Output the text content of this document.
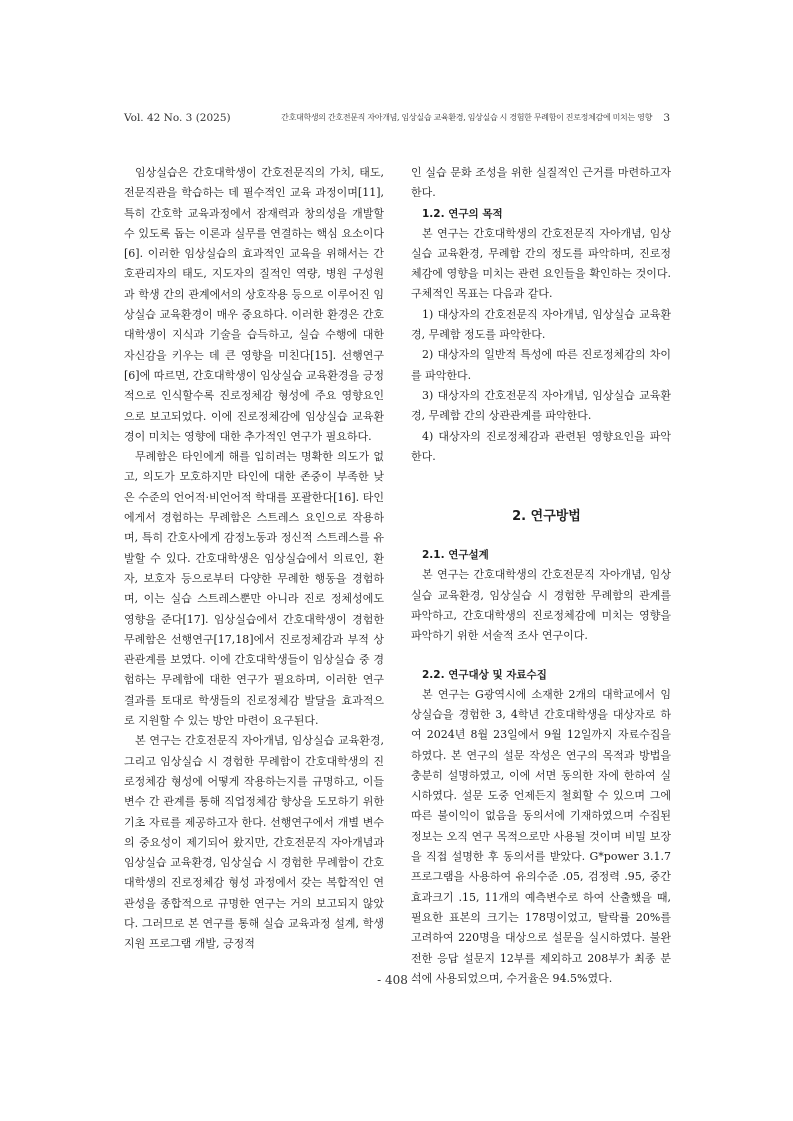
Vol. 42 No. 3 (2025)	간호대학생의 간호전문직 자아개념, 임상실습 교육환경, 임상실습 시 경험한 무례함이 진로정체감에 미치는 영향 3

임상실습은 간호대학생이 간호전문직의 가치, 태도, 전문직관을 학습하는 데 필수적인 교육 과정이며[11], 특히 간호학 교육과정에서 잠재력과 창의성을 개발할 수 있도록 돕는 이론과 실무를 연결하는 핵심 요소이다[6]. 이러한 임상실습의 효과적인 교육을 위해서는 간호관리자의 태도, 지도자의 질적인 역량, 병원 구성원과 학생 간의 관계에서의 상호작용 등으로 이루어진 임상실습 교육환경이 매우 중요하다. 이러한 환경은 간호대학생이 지식과 기술을 습득하고, 실습 수행에 대한 자신감을 키우는 데 큰 영향을 미친다[15]. 선행연구[6]에 따르면, 간호대학생이 임상실습 교육환경을 긍정적으로 인식할수록 진로정체감 형성에 주요 영향요인으로 보고되었다. 이에 진로정체감에 임상실습 교육환경이 미치는 영향에 대한 추가적인 연구가 필요하다.

무례함은 타인에게 해를 입히려는 명확한 의도가 없고, 의도가 모호하지만 타인에 대한 존중이 부족한 낮은 수준의 언어적·비언어적 학대를 포괄한다[16]. 타인에게서 경험하는 무례함은 스트레스 요인으로 작용하며, 특히 간호사에게 감정노동과 정신적 스트레스를 유발할 수 있다. 간호대학생은 임상실습에서 의료인, 환자, 보호자 등으로부터 다양한 무례한 행동을 경험하며, 이는 실습 스트레스뿐만 아니라 진로 정체성에도 영향을 준다[17]. 임상실습에서 간호대학생이 경험한 무례함은 선행연구[17,18]에서 진로정체감과 부적 상관관계를 보였다. 이에 간호대학생들이 임상실습 중 경험하는 무례함에 대한 연구가 필요하며, 이러한 연구 결과를 토대로 학생들의 진로정체감 발달을 효과적으로 지원할 수 있는 방안 마련이 요구된다.

본 연구는 간호전문직 자아개념, 임상실습 교육환경, 그리고 임상실습 시 경험한 무례함이 간호대학생의 진로정체감 형성에 어떻게 작용하는지를 규명하고, 이들 변수 간 관계를 통해 직업정체감 향상을 도모하기 위한 기초 자료를 제공하고자 한다. 선행연구에서 개별 변수의 중요성이 제기되어 왔지만, 간호전문직 자아개념과 임상실습 교육환경, 임상실습 시 경험한 무례함이 간호대학생의 진로정체감 형성 과정에서 갖는 복합적인 연관성을 종합적으로 규명한 연구는 거의 보고되지 않았다. 그러므로 본 연구를 통해 실습 교육과정 설계, 학생 지원 프로그램 개발, 긍정적

인 실습 문화 조성을 위한 실질적인 근거를 마련하고자 한다.

1.2. 연구의 목적

본 연구는 간호대학생의 간호전문직 자아개념, 임상실습 교육환경, 무례함 간의 정도를 파악하며, 진로정체감에 영향을 미치는 관련 요인들을 확인하는 것이다. 구체적인 목표는 다음과 같다.

1) 대상자의 간호전문직 자아개념, 임상실습 교육환경, 무례함 정도를 파악한다.

2) 대상자의 일반적 특성에 따른 진로정체감의 차이를 파악한다.

3) 대상자의 간호전문직 자아개념, 임상실습 교육환경, 무례함 간의 상관관계를 파악한다.

4) 대상자의 진로정체감과 관련된 영향요인을 파악한다.

2. 연구방법

2.1. 연구설계

본 연구는 간호대학생의 간호전문직 자아개념, 임상실습 교육환경, 임상실습 시 경험한 무례함의 관계를 파악하고, 간호대학생의 진로정체감에 미치는 영향을 파악하기 위한 서술적 조사 연구이다.

2.2. 연구대상 및 자료수집

본 연구는 G광역시에 소재한 2개의 대학교에서 임상실습을 경험한 3, 4학년 간호대학생을 대상자로 하여 2024년 8월 23일에서 9월 12일까지 자료수집을 하였다. 본 연구의 설문 작성은 연구의 목적과 방법을 충분히 설명하였고, 이에 서면 동의한 자에 한하여 실시하였다. 설문 도중 언제든지 철회할 수 있으며 그에 따른 불이익이 없음을 동의서에 기재하였으며 수집된 정보는 오직 연구 목적으로만 사용될 것이며 비밀 보장을 직접 설명한 후 동의서를 받았다. G*power 3.1.7 프로그램을 사용하여 유의수준 .05, 검정력 .95, 중간효과크기 .15, 11개의 예측변수로 하여 산출했을 때, 필요한 표본의 크기는 178명이었고, 탈락률 20%를 고려하여 220명을 대상으로 설문을 실시하였다. 불완전한 응답 설문지 12부를 제외하고 208부가 최종 분석에 사용되었으며, 수거율은 94.5%였다.

- 408 -
